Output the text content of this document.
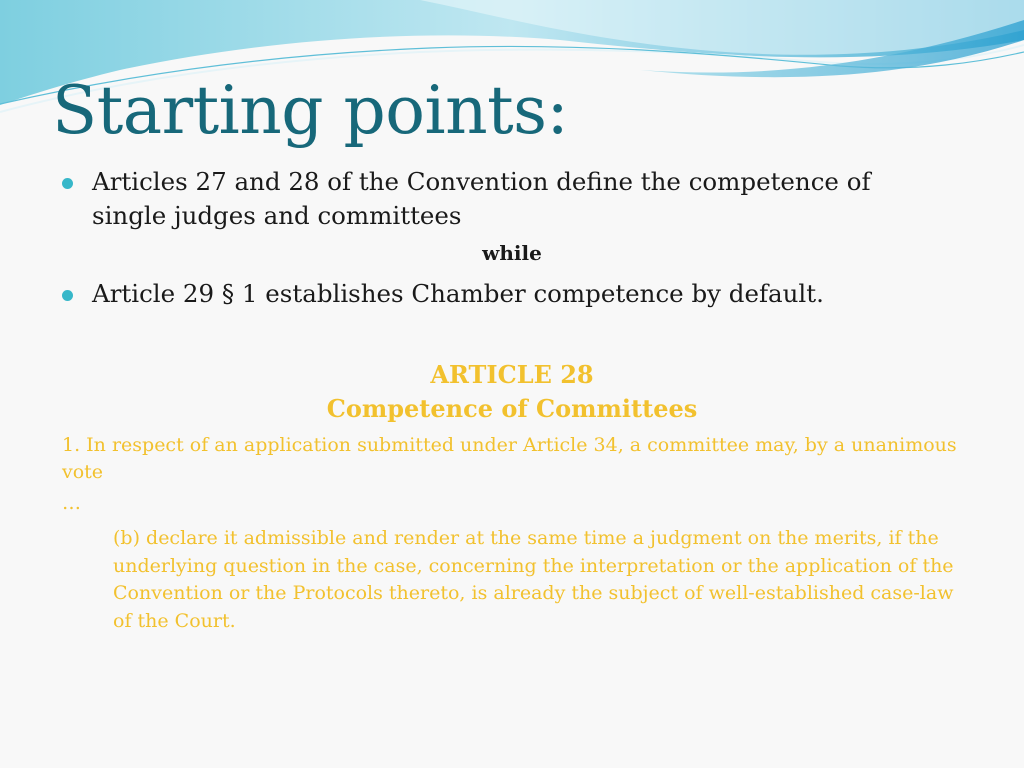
Starting points:
Articles 27 and 28 of the Convention define the competence of
single judges and committees
while
Article 29 § 1 establishes Chamber competence by default.
ARTICLE 28
Competence of Committees
1. In respect of an application submitted under Article 34, a committee may, by a unanimous vote
…
(b) declare it admissible and render at the same time a judgment on the merits, if the underlying question in the case, concerning the interpretation or the application of the Convention or the Protocols thereto, is already the subject of well-established case-law of the Court.
